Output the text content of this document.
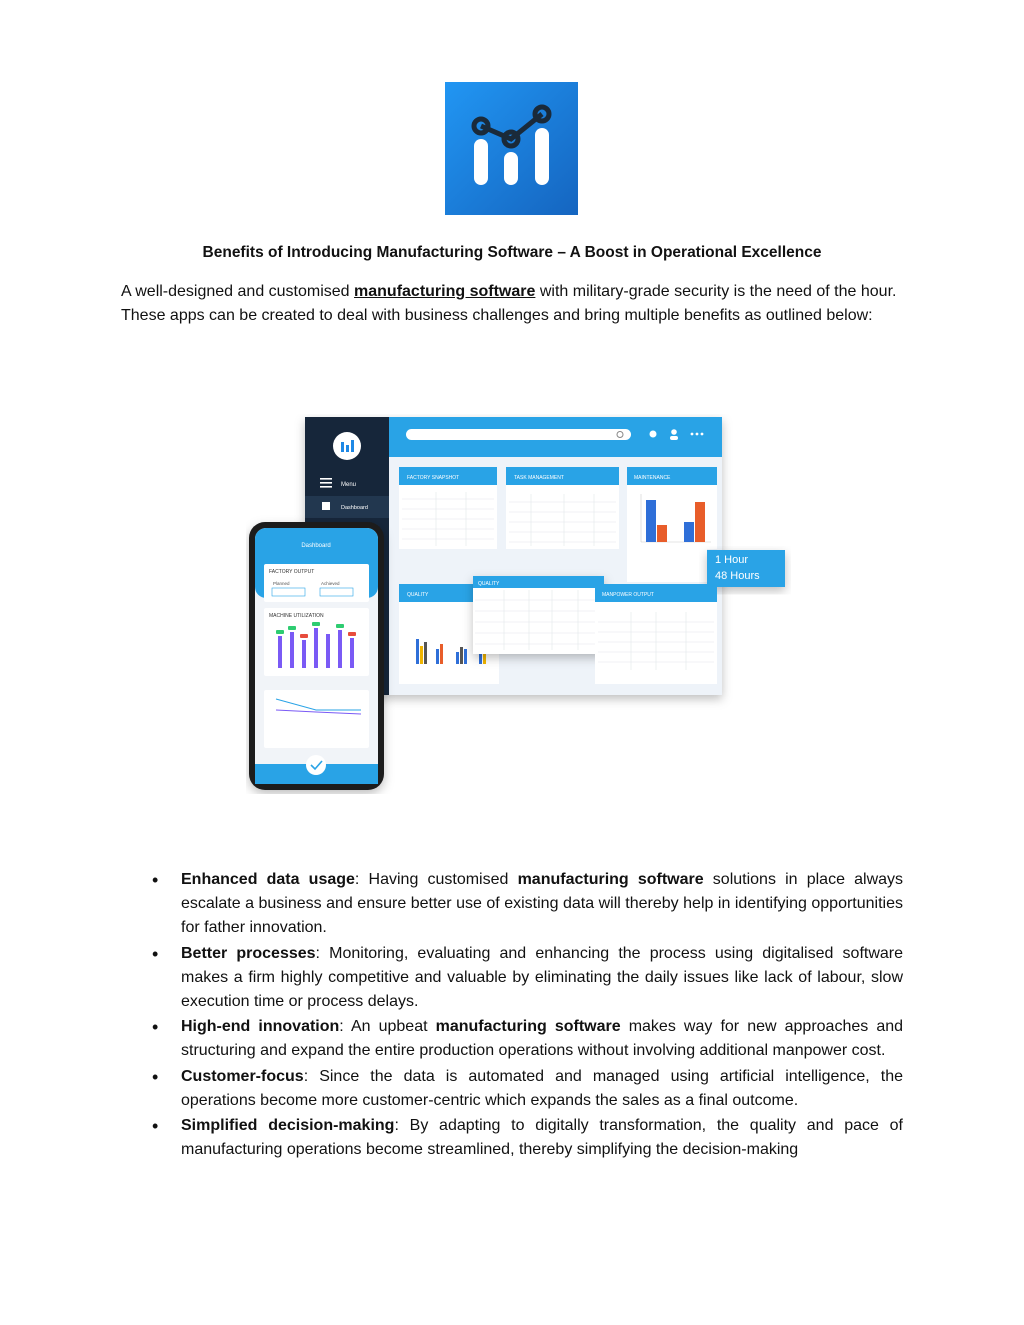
Benefits of Introducing Manufacturing Software – A Boost in Operational Excellence
A well-designed and customised manufacturing software with military-grade security is the need of the hour. These apps can be created to deal with business challenges and bring multiple benefits as outlined below:
Menu
Dashboard
FACTORY SNAPSHOT	TASK MANAGEMENT	MAINTENANCE
1 Hour
48 Hours
QUALITY
QUALITY
MANPOWER OUTPUT
Dashboard
FACTORY OUTPUT
Planned	Achieved
MACHINE UTILIZATION
• Enhanced data usage: Having customised manufacturing software solutions in place always escalate a business and ensure better use of existing data will thereby help in identifying opportunities for father innovation.
• Better processes: Monitoring, evaluating and enhancing the process using digitalised software makes a firm highly competitive and valuable by eliminating the daily issues like lack of labour, slow execution time or process delays.
• High-end innovation: An upbeat manufacturing software makes way for new approaches and structuring and expand the entire production operations without involving additional manpower cost.
• Customer-focus: Since the data is automated and managed using artificial intelligence, the operations become more customer-centric which expands the sales as a final outcome.
• Simplified decision-making: By adapting to digitally transformation, the quality and pace of manufacturing operations become streamlined, thereby simplifying the decision-making
